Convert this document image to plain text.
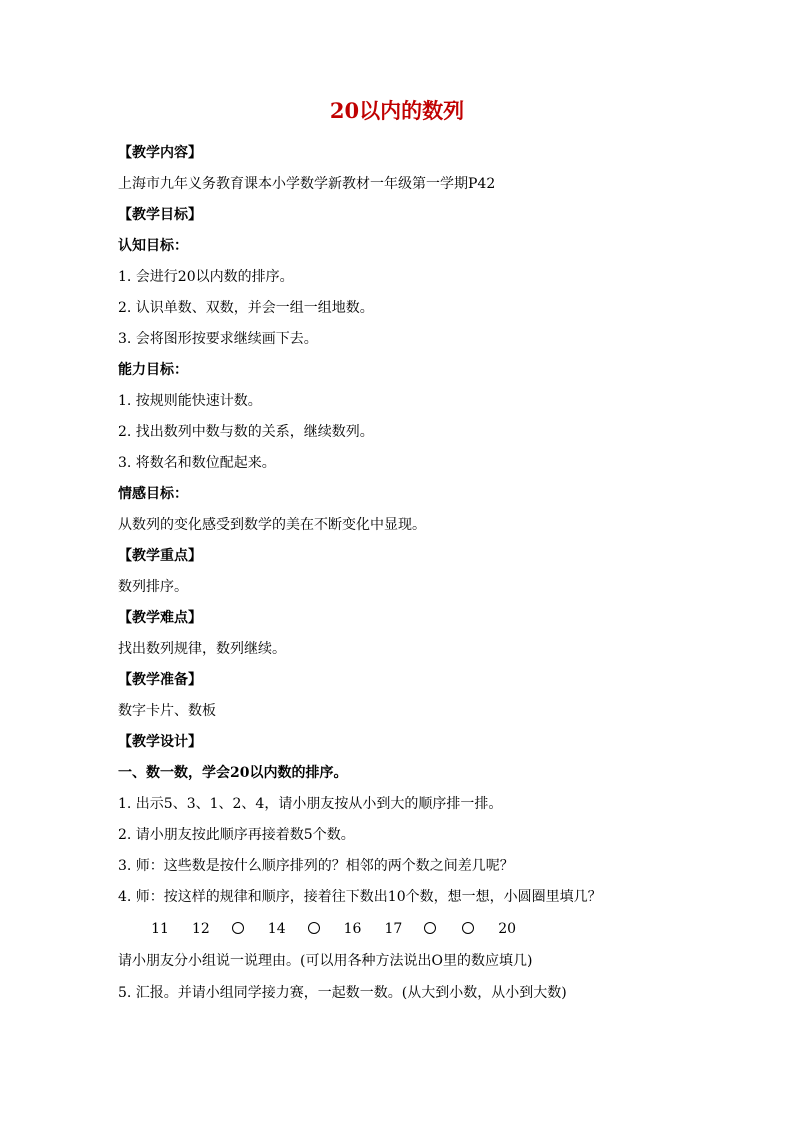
20以内的数列
【教学内容】
上海市九年义务教育课本小学数学新教材一年级第一学期P42
【教学目标】
认知目标：
1. 会进行20以内数的排序。
2. 认识单数、双数，并会一组一组地数。
3. 会将图形按要求继续画下去。
能力目标：
1. 按规则能快速计数。
2. 找出数列中数与数的关系，继续数列。
3. 将数名和数位配起来。
情感目标：
从数列的变化感受到数学的美在不断变化中显现。
【教学重点】
数列排序。
【教学难点】
找出数列规律，数列继续。
【教学准备】
数字卡片、数板
【教学设计】
一、数一数，学会20以内数的排序。
1. 出示5、3、1、2、4，请小朋友按从小到大的顺序排一排。
2. 请小朋友按此顺序再接着数5个数。
3. 师：这些数是按什么顺序排列的？相邻的两个数之间差几呢？
4. 师：按这样的规律和顺序，接着往下数出10个数，想一想，小圆圈里填几？
11 12	14	16 17	20
请小朋友分小组说一说理由。(可以用各种方法说出O里的数应填几)
5. 汇报。并请小组同学接力赛，一起数一数。(从大到小数，从小到大数)
